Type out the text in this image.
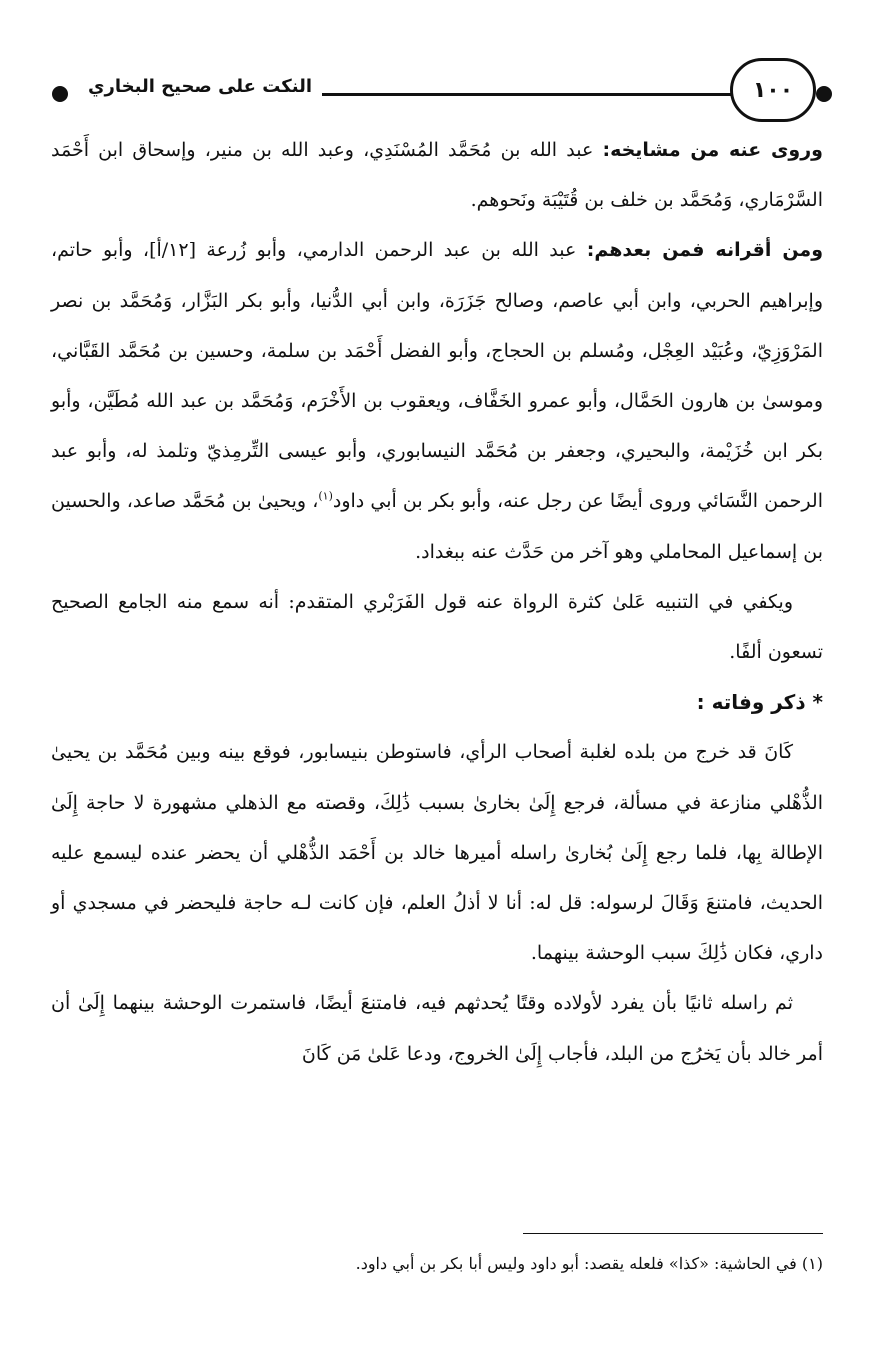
١٠٠
النكت على صحيح البخاري

وروى عنه من مشايخه: عبد الله بن مُحَمَّد المُسْنَدِي، وعبد الله بن منير، وإسحاق ابن أَحْمَد السَّرْمَاري، وَمُحَمَّد بن خلف بن قُتَيْبَة ونَحوهم.

ومن أقرانه فمن بعدهم: عبد الله بن عبد الرحمن الدارمي، وأبو زُرعة [١٢/أ]، وأبو حاتم، وإبراهيم الحربي، وابن أبي عاصم، وصالح جَزَرَة، وابن أبي الدُّنيا، وأبو بكر البَزَّار، وَمُحَمَّد بن نصر المَرْوَزِيّ، وعُبَيْد العِجْل، ومُسلم بن الحجاج، وأبو الفضل أَحْمَد بن سلمة، وحسين بن مُحَمَّد القَبَّاني، وموسىٰ بن هارون الحَمَّال، وأبو عمرو الخَفَّاف، ويعقوب بن الأَخْرَم، وَمُحَمَّد بن عبد الله مُطَيَّن، وأبو بكر ابن خُزَيْمة، والبحيري، وجعفر بن مُحَمَّد النيسابوري، وأبو عيسى التِّرمِذيّ وتلمذ له، وأبو عبد الرحمن النَّسَائي وروى أيضًا عن رجل عنه، وأبو بكر بن أبي داود$^{(١)}$، ويحيىٰ بن مُحَمَّد صاعد، والحسين بن إسماعيل المحاملي وهو آخر من حَدَّث عنه ببغداد.

ويكفي في التنبيه عَلىٰ كثرة الرواة عنه قول الفَرَبْري المتقدم: أنه سمع منه الجامع الصحيح تسعون ألفًا.

* ذكر وفاته :

كَانَ قد خرج من بلده لغلبة أصحاب الرأي، فاستوطن بنيسابور، فوقع بينه وبين مُحَمَّد بن يحيىٰ الذُّهْلي منازعة في مسألة، فرجع إِلَىٰ بخارىٰ بسبب ذَٰلِكَ، وقصته مع الذهلي مشهورة لا حاجة إِلَىٰ الإطالة بِها، فلما رجع إِلَىٰ بُخارىٰ راسله أميرها خالد بن أَحْمَد الذُّهْلي أن يحضر عنده ليسمع عليه الحديث، فامتنعَ وَقَالَ لرسوله: قل له: أنا لا أذلُ العلم، فإن كانت لـه حاجة فليحضر في مسجدي أو داري، فكان ذَٰلِكَ سبب الوحشة بينهما.

ثم راسله ثانيًا بأن يفرد لأولاده وقتًا يُحدثهم فيه، فامتنعَ أيضًا، فاستمرت الوحشة بينهما إِلَىٰ أن أمر خالد بأن يَخرُج من البلد، فأجاب إِلَىٰ الخروج، ودعا عَلىٰ مَن كَانَ

(١) في الحاشية: «كذا» فلعله يقصد: أبو داود وليس أبا بكر بن أبي داود.
